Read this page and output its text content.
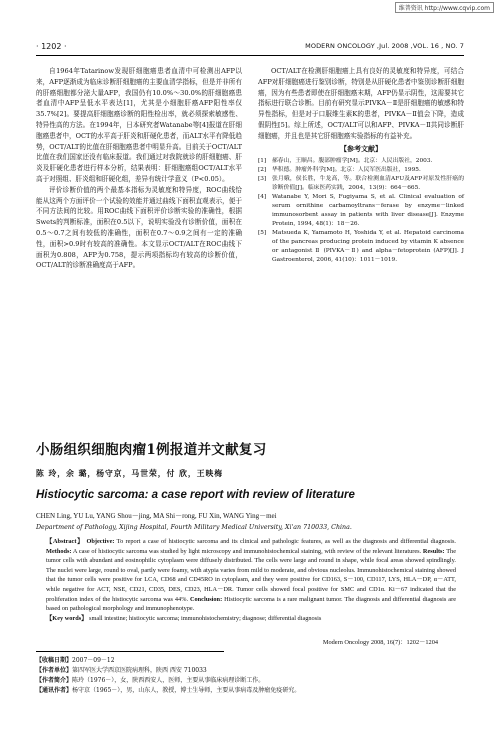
维普资讯 http://www.cqvip.com
· 1202 ·	MODERN ONCOLOGY ,Jul. 2008 ,VOL. 16 , NO. 7

自1964年Tatarinow发现肝细胞癌患者血清中可检测出AFP以来，AFP逐渐成为临床诊断肝细胞癌的主要血清学指标，但是并非所有的肝癌细胞都分泌大量AFP，我国仍有10.0%～30.0%的肝细胞癌患者血清中AFP呈低水平表达[1]，尤其是小细胞肝癌AFP阳性率仅35.7%[2]。要提高肝细胞癌诊断的阳性检出率，就必须探索敏感性、特异性高的方法。在1994年，日本研究者Watanabe等[4]报道在肝细胞癌患者中，OCT的水平高于肝炎和肝硬化患者，而ALT水平有降低趋势，OCT/ALT的比值在肝细胞癌患者中明显升高。目前关于OCT/ALT比值在我们国家还没有临床报道。我们通过对我院就诊的肝细胞癌、肝炎及肝硬化患者进行样本分析，结果表明：肝细胞癌组OCT/ALT水平高于对照组、肝炎组和肝硬化组，差异有统计学意义（P<0.05）。

评价诊断价值的两个最基本指标为灵敏度和特异度，ROC曲线恰能从这两个方面评价一个试验的效能并通过曲线下面积直观表示，便于不同方法间的比较。用ROC曲线下面积评价诊断实验的准确性，根据Swets的判断标准，面积在0.5以下，说明实验没有诊断价值，面积在0.5～0.7之间有较低的准确性，面积在0.7～0.9之间有一定的准确性，面积>0.9时有较高的准确性。本文显示OCT/ALT在ROC曲线下面积为0.808，AFP为0.758，提示两项指标均有较高的诊断价值，OCT/ALT的诊断准确度高于AFP。

OCT/ALT在检测肝细胞癌上具有良好的灵敏度和特异度，可结合AFP对肝细胞癌进行鉴别诊断，特别是从肝硬化患者中鉴别诊断肝细胞癌，因为有些患者即使在肝细胞癌末期，AFP仍显示阴性，这需要其它指标进行联合诊断。目前有研究显示PIVKA－Ⅱ是肝细胞癌的敏感和特异性指标，但是对于口服维生素K的患者，PIVKA－Ⅱ值会下降，造成假阴性[5]。综上所述，OCT/ALT可以和AFP、PIVKA－Ⅱ共同诊断肝细胞癌，并且也是其它肝细胞癌实验指标的有益补充。

【参考文献】
[1] 郝春山，王顺昌。腹部肿瘤学[M]。北京：人民出版社，2003.
[2] 华积德。肿瘤外科学[M]。北京：人民军医出版社，1995.
[3] 张月娥，侯长胜，牛龙高，等。联合检测血清AFU及AFP对原发性肝癌的诊断价值[J]。临床医药实践，2004，13(9)：664－665.
[4] Watanabe Y, Mori S, Fugiyama S, et al. Clinical evaluation of serum ornithine carbamoyltrans－ferase by enzyme－linked immunosorbent assay in patients with liver disease[J]. Enzyme Protein, 1994, 48(1)：18－26.
[5] Matsueda K, Yamamoto H, Yoshida Y, et al. Hepatoid carcinoma of the pancreas producing protein induced by vitamin K absence or antagonist Ⅱ (PIVKA－Ⅱ) and alpha－fetoprotein (AFP)[J]. J Gastroenterol, 2006, 41(10)：1011－1019.
小肠组织细胞肉瘤1例报道并文献复习
陈 玲，余 璐，杨守京，马世荣，付 欣，王映梅
Histiocytic sarcoma: a case report with review of literature
CHEN Ling, YU Lu, YANG Shou－jing, MA Shi－rong, FU Xin, WANG Ying－mei
Department of Pathology, Xijing Hospital, Fourth Military Medical University, Xi'an 710033, China.
【Abstract】 Objective: To report a case of histiocytic sarcoma and its clinical and pathologic features, as well as the diagnosis and differential diagnosis. Methods: A case of histiocytic sarcoma was studied by light microscopy and immunohistochemical staining, with review of the relevant literatures. Results: The tumor cells with abundant and eosinophilic cytoplasm were diffusely distributed. The cells were large and round in shape, while focal areas showed spindlingly. The nuclei were large, round to oval, partly were foamy, with atypia varies from mild to moderate, and obvious nucleolus. Immunohistochemical staining showed that the tumor cells were positive for LCA, CD68 and CD45RO in cytoplasm, and they were positive for CD163, S－100, CD117, LYS, HLA－DP, α－ATT, while negative for ACT, NSE, CD21, CD35, DES, CD23, HLA－DR. Tumor cells showed focal positive for SMC and CD1α. Ki－67 indicated that the proliferation index of the histiocytic sarcoma was 44%. Conclusion: Histiocytic sarcoma is a rare malignant tumor. The diagnosis and differential diagnosis are based on pathological morphology and immunophenotype.
【Key words】 small intestine; histiocytic sarcoma; immunohistochemistry; diagnose; differential diagnosis
Modern Oncology 2008, 16(7)：1202－1204
【收稿日期】2007－09－12
【作者单位】第四军医大学西京医院病理科，陕西 西安 710033
【作者简介】陈玲（1976－），女，陕西西安人，医师，主要从事临床病理诊断工作。
【通讯作者】杨守京（1965－），男，山东人，教授，博士生导师，主要从事病毒及肿瘤免疫研究。
